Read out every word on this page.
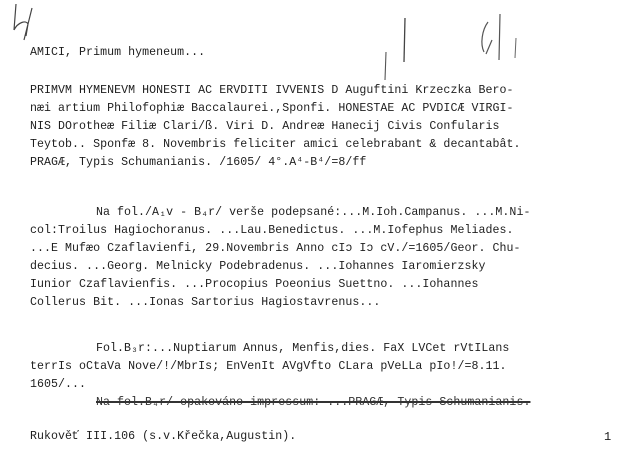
AMICI, Primum hymeneum...
PRIMVM HYMENEVM HONESTI AC ERVDITI IVVENIS D Auguftini Krzeczka Bero-
næi artium Philofophiæ Baccalaurei.,Sponfi. HONESTAE AC PVDICÆ VIRGI-
NIS DOrotheæ Filiæ Clari/ß. Viri D. Andreæ Hanecij Civis Confularis
Teytob.. Sponfæ 8. Novembris feliciter amici celebrabant & decantabât.
PRAGÆ, Typis Schumanianis. /1605/ 4°.A⁴-B⁴/=8/ff
Na fol./A₁v - B₄r/ verše podepsané:...M.Ioh.Campanus. ...M.Ni-
col:Troilus Hagiochoranus. ...Lau.Benedictus. ...M.Iofephus Meliades.
...E Mufæo Czaflavienfi, 29.Novembris Anno cIɔ Iɔ cV./=1605/Geor. Chu-
decius. ...Georg. Melnicky Podebradenus. ...Iohannes Iaromierzsky
Iunior Czaflavienfis. ...Procopius Poeonius Suettno. ...Iohannes
Collerus Bit. ...Ionas Sartorius Hagiostavrenus...
Fol.B₃r:...Nuptiarum Annus, Menfis,dies. FaX LVCet rVtILans
terrIs oCtaVa Nove/!/MbrIs; EnVenIt AVgVfto CLara pVeLLa pIo!/=8.11.
1605/...
Na fol.B₄r/ opakováno impressum: ...PRAGÆ, Typis Schumanianis.
Rukověť III.106 (s.v.Křečka,Augustin).	1
